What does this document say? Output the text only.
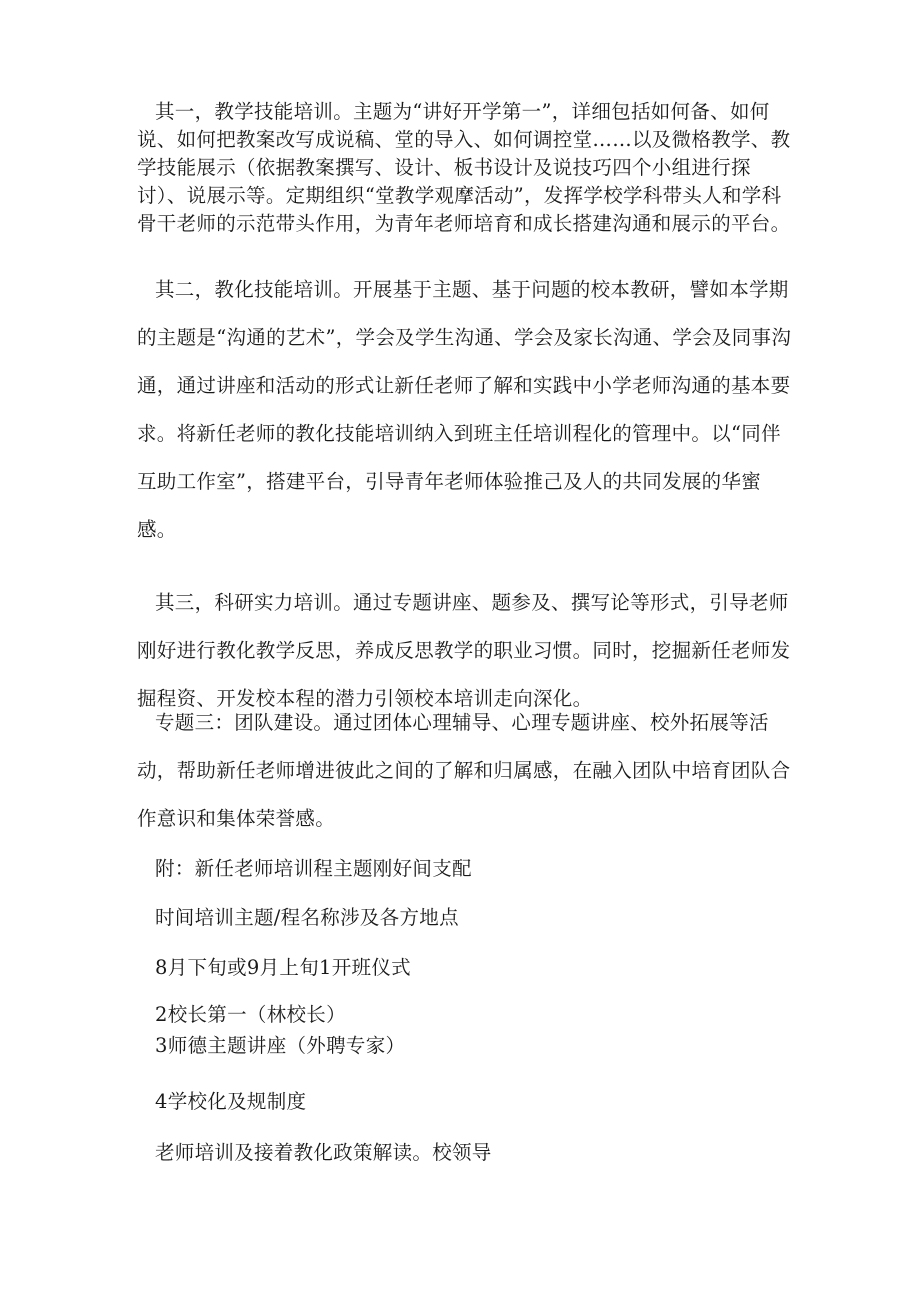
其一，教学技能培训。主题为“讲好开学第一”，详细包括如何备、如何说、如何把教案改写成说稿、堂的导入、如何调控堂……以及微格教学、教学技能展示（依据教案撰写、设计、板书设计及说技巧四个小组进行探讨）、说展示等。定期组织“堂教学观摩活动”，发挥学校学科带头人和学科骨干老师的示范带头作用，为青年老师培育和成长搭建沟通和展示的平台。

其二，教化技能培训。开展基于主题、基于问题的校本教研，譬如本学期的主题是“沟通的艺术”，学会及学生沟通、学会及家长沟通、学会及同事沟通，通过讲座和活动的形式让新任老师了解和实践中小学老师沟通的基本要求。将新任老师的教化技能培训纳入到班主任培训程化的管理中。以“同伴互助工作室”，搭建平台，引导青年老师体验推己及人的共同发展的华蜜感。

其三，科研实力培训。通过专题讲座、题参及、撰写论等形式，引导老师刚好进行教化教学反思，养成反思教学的职业习惯。同时，挖掘新任老师发掘程资、开发校本程的潜力引领校本培训走向深化。

专题三：团队建设。通过团体心理辅导、心理专题讲座、校外拓展等活动，帮助新任老师增进彼此之间的了解和归属感，在融入团队中培育团队合作意识和集体荣誉感。

附：新任老师培训程主题刚好间支配

时间培训主题/程名称涉及各方地点

8月下旬或9月上旬1开班仪式

2校长第一（林校长）

3师德主题讲座（外聘专家）

4学校化及规制度

老师培训及接着教化政策解读。校领导
